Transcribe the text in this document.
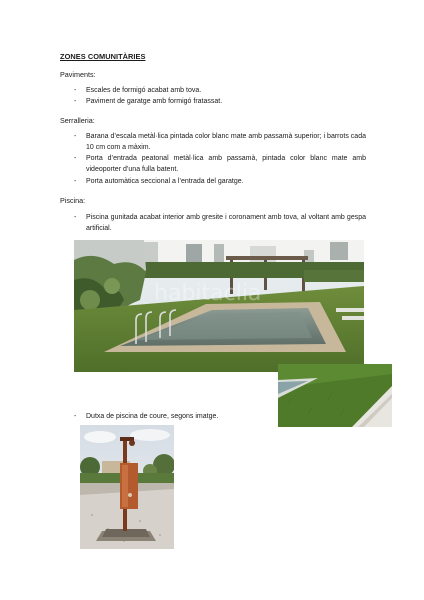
ZONES COMUNITÀRIES
Paviments:
- Escales de formigó acabat amb tova.
- Paviment de garatge amb formigó fratassat.
Serralleria:
- Barana d’escala metàl·lica pintada color blanc mate amb passamà superior; i barrots cada 10 cm com a màxim.
- Porta d’entrada peatonal metàl·lica amb passamà, pintada color blanc mate amb videoporter d’una fulla batent.
- Porta automàtica seccional a l’entrada del garatge.
Piscina:
- Piscina gunitada acabat interior amb gresite i coronament amb tova, al voltant amb gespa artificial.
habitaclia
- Dutxa de piscina de coure, segons imatge.
